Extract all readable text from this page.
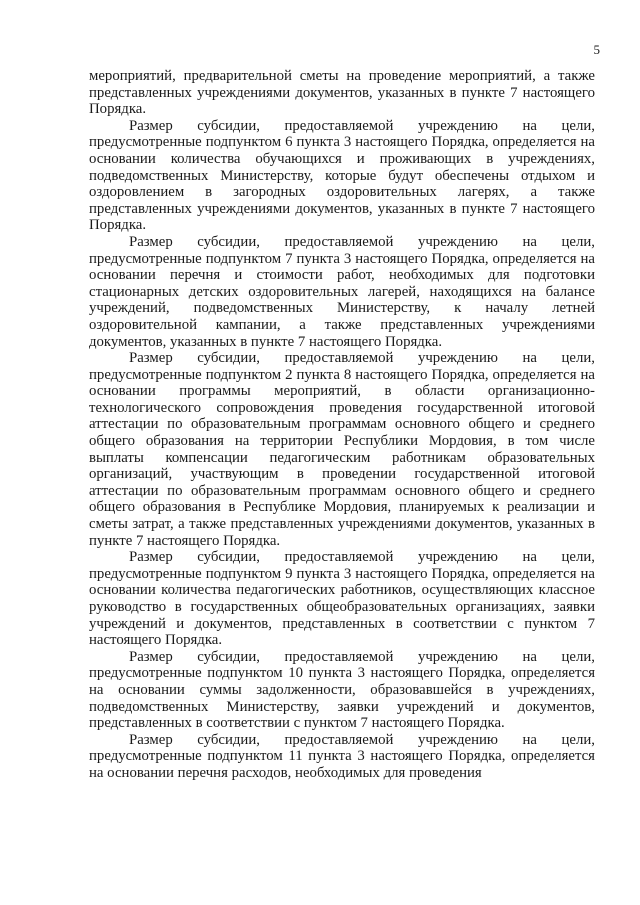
5

мероприятий, предварительной сметы на проведение мероприятий, а также представленных учреждениями документов, указанных в пункте 7 настоящего Порядка.

Размер субсидии, предоставляемой учреждению на цели, предусмотренные подпунктом 6 пункта 3 настоящего Порядка, определяется на основании количества обучающихся и проживающих в учреждениях, подведомственных Министерству, которые будут обеспечены отдыхом и оздоровлением в загородных оздоровительных лагерях, а также представленных учреждениями документов, указанных в пункте 7 настоящего Порядка.

Размер субсидии, предоставляемой учреждению на цели, предусмотренные подпунктом 7 пункта 3 настоящего Порядка, определяется на основании перечня и стоимости работ, необходимых для подготовки стационарных детских оздоровительных лагерей, находящихся на балансе учреждений, подведомственных Министерству, к началу летней оздоровительной кампании, а также представленных учреждениями документов, указанных в пункте 7 настоящего Порядка.

Размер субсидии, предоставляемой учреждению на цели, предусмотренные подпунктом 2 пункта 8 настоящего Порядка, определяется на основании программы мероприятий, в области организационно-технологического сопровождения проведения государственной итоговой аттестации по образовательным программам основного общего и среднего общего образования на территории Республики Мордовия, в том числе выплаты компенсации педагогическим работникам образовательных организаций, участвующим в проведении государственной итоговой аттестации по образовательным программам основного общего и среднего общего образования в Республике Мордовия, планируемых к реализации и сметы затрат, а также представленных учреждениями документов, указанных в пункте 7 настоящего Порядка.

Размер субсидии, предоставляемой учреждению на цели, предусмотренные подпунктом 9 пункта 3 настоящего Порядка, определяется на основании количества педагогических работников, осуществляющих классное руководство в государственных общеобразовательных организациях, заявки учреждений и документов, представленных в соответствии с пунктом 7 настоящего Порядка.

Размер субсидии, предоставляемой учреждению на цели, предусмотренные подпунктом 10 пункта 3 настоящего Порядка, определяется на основании суммы задолженности, образовавшейся в учреждениях, подведомственных Министерству, заявки учреждений и документов, представленных в соответствии с пунктом 7 настоящего Порядка.

Размер субсидии, предоставляемой учреждению на цели, предусмотренные подпунктом 11 пункта 3 настоящего Порядка, определяется на основании перечня расходов, необходимых для проведения
